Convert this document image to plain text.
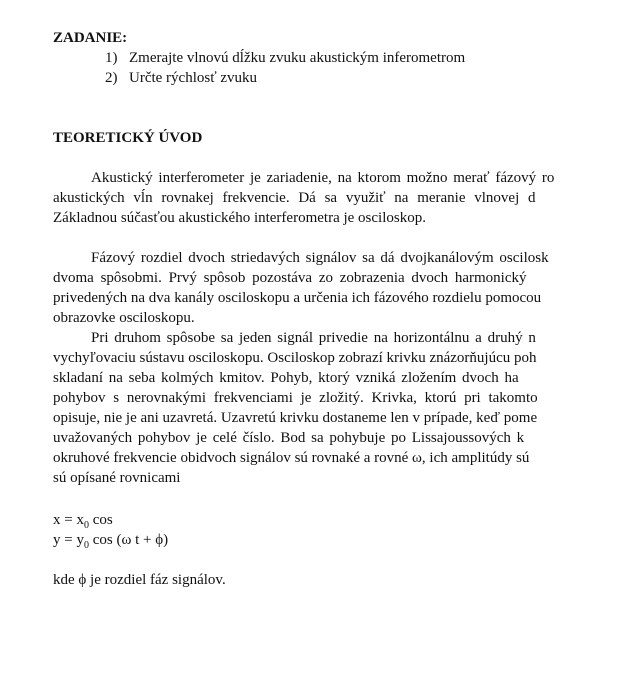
ZADANIE:
1) Zmerajte vlnovú dĺžku zvuku akustickým inferometrom
2) Určte rýchlosť zvuku
TEORETICKÝ ÚVOD
Akustický interferometer je zariadenie, na ktorom možno merať fázový ro
akustických vĺn rovnakej frekvencie. Dá sa využiť na meranie vlnovej d
Základnou súčasťou akustického interferometra je osciloskop.
Fázový rozdiel dvoch striedavých signálov sa dá dvojkanálovým oscilosk
dvoma spôsobmi. Prvý spôsob pozostáva zo zobrazenia dvoch harmonický
privedených na dva kanály osciloskopu a určenia ich fázového rozdielu pomocou
obrazovke osciloskopu.
Pri druhom spôsobe sa jeden signál privedie na horizontálnu a druhý n
vychyľovaciu sústavu osciloskopu. Osciloskop zobrazí krivku znázorňujúcu poh
skladaní na seba kolmých kmitov. Pohyb, ktorý vzniká zložením dvoch ha
pohybov s nerovnakými frekvenciami je zložitý. Krivka, ktorú pri takomto
opisuje, nie je ani uzavretá. Uzavretú krivku dostaneme len v prípade, keď pome
uvažovaných pohybov je celé číslo. Bod sa pohybuje po Lissajoussových k
okruhové frekvencie obidvoch signálov sú rovnaké a rovné ω, ich amplitúdy sú
sú opísané rovnicami
$x = x_0$ cos
$y = y_0$ cos (ω t + ϕ)
kde ϕ je rozdiel fáz signálov.
